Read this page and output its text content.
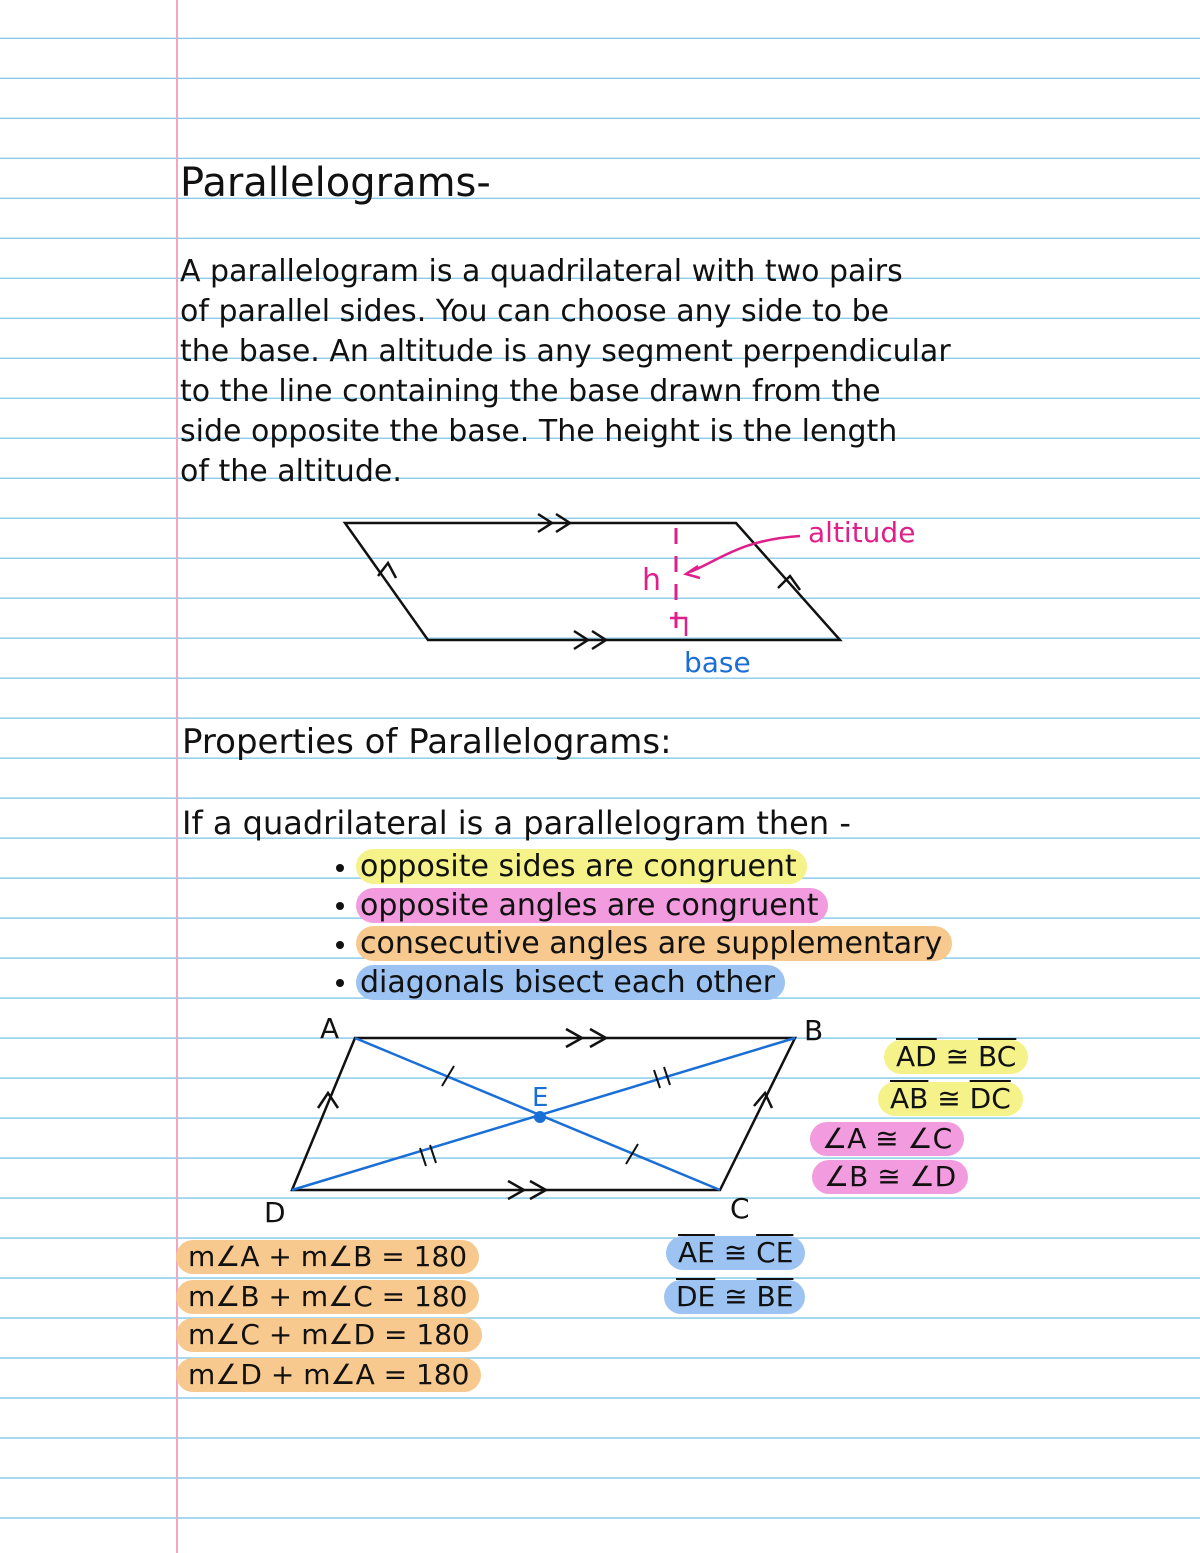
Parallelograms-

A parallelogram is a quadrilateral with two pairs
of parallel sides. You can choose any side to be
the base. An altitude is any segment perpendicular
to the line containing the base drawn from the
side opposite the base. The height is the length
of the altitude.

h
altitude
base
Properties of Parallelograms:
If a quadrilateral is a parallelogram then -
opposite sides are congruent
opposite angles are congruent
consecutive angles are supplementary
diagonals bisect each other
A	B
C
D
E
$\overline{AD}$ ≅ $\overline{BC}$
$\overline{AB}$ ≅ $\overline{DC}$
∠A ≅ ∠C
∠B ≅ ∠D
$\overline{AE}$ ≅ $\overline{CE}$
$\overline{DE}$ ≅ $\overline{BE}$
m∠A + m∠B = 180
m∠B + m∠C = 180
m∠C + m∠D = 180
m∠D + m∠A = 180
